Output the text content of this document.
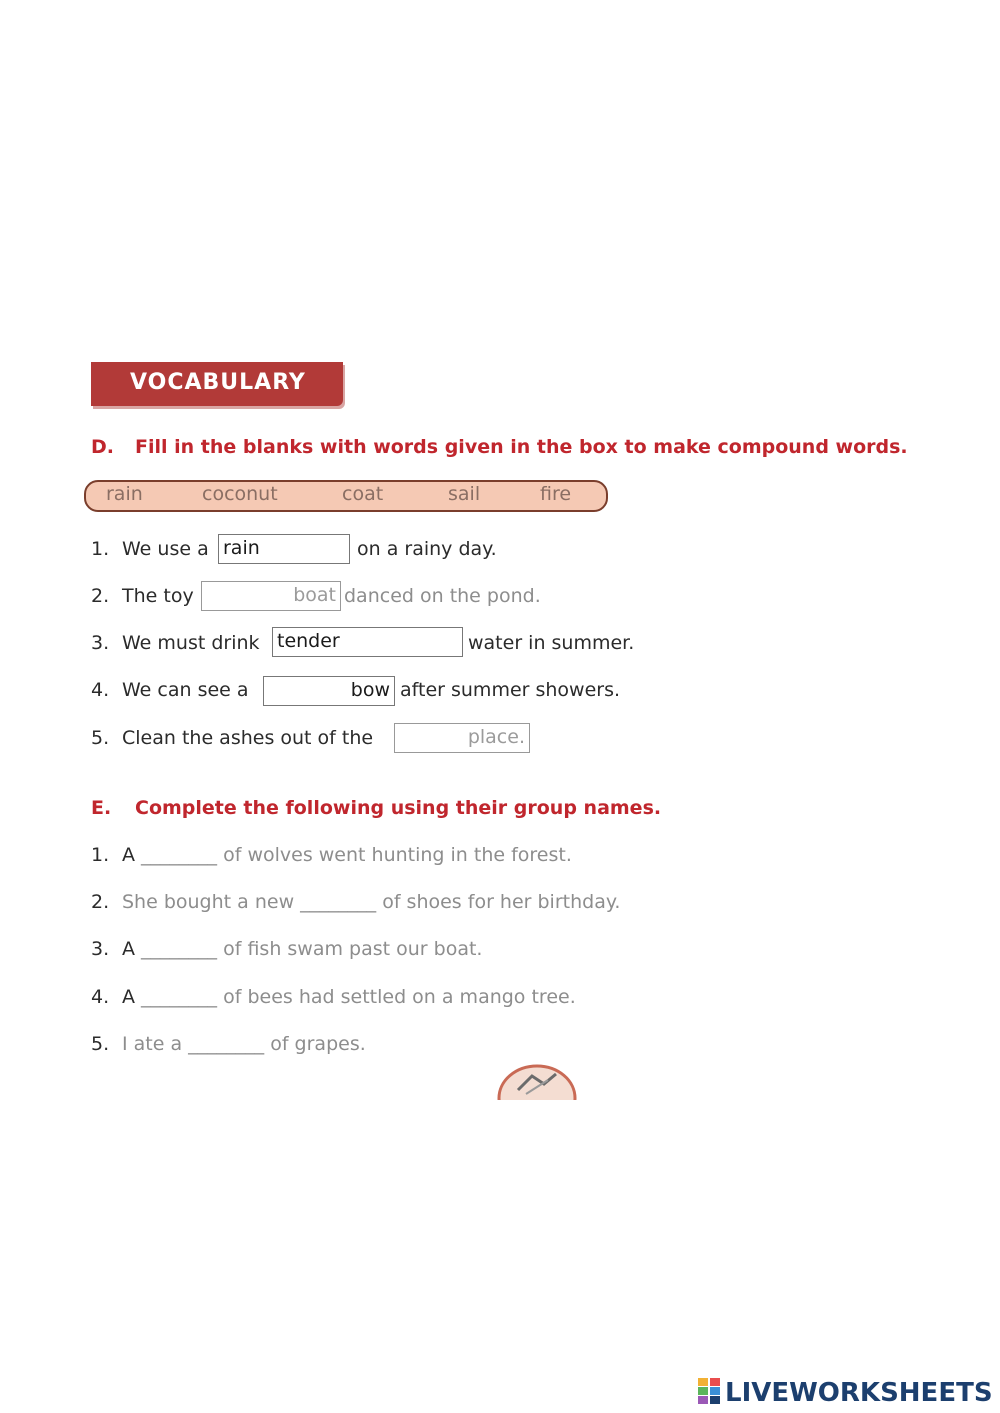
VOCABULARY
D. Fill in the blanks with words given in the box to make compound words.
rain	coconut	coat	sail	fire
1. We use a rain	on a rainy day.
2. The toy	boat danced on the pond.
3. We must drink tender	water in summer.
4. We can see a	bow after summer showers.
5. Clean the ashes out of the	place.
E. Complete the following using their group names.
1. A ________ of wolves went hunting in the forest.
2. She bought a new ________ of shoes for her birthday.
3. A ________ of fish swam past our boat.
4. A ________ of bees had settled on a mango tree.
5. I ate a ________ of grapes.
LIVEWORKSHEETS
